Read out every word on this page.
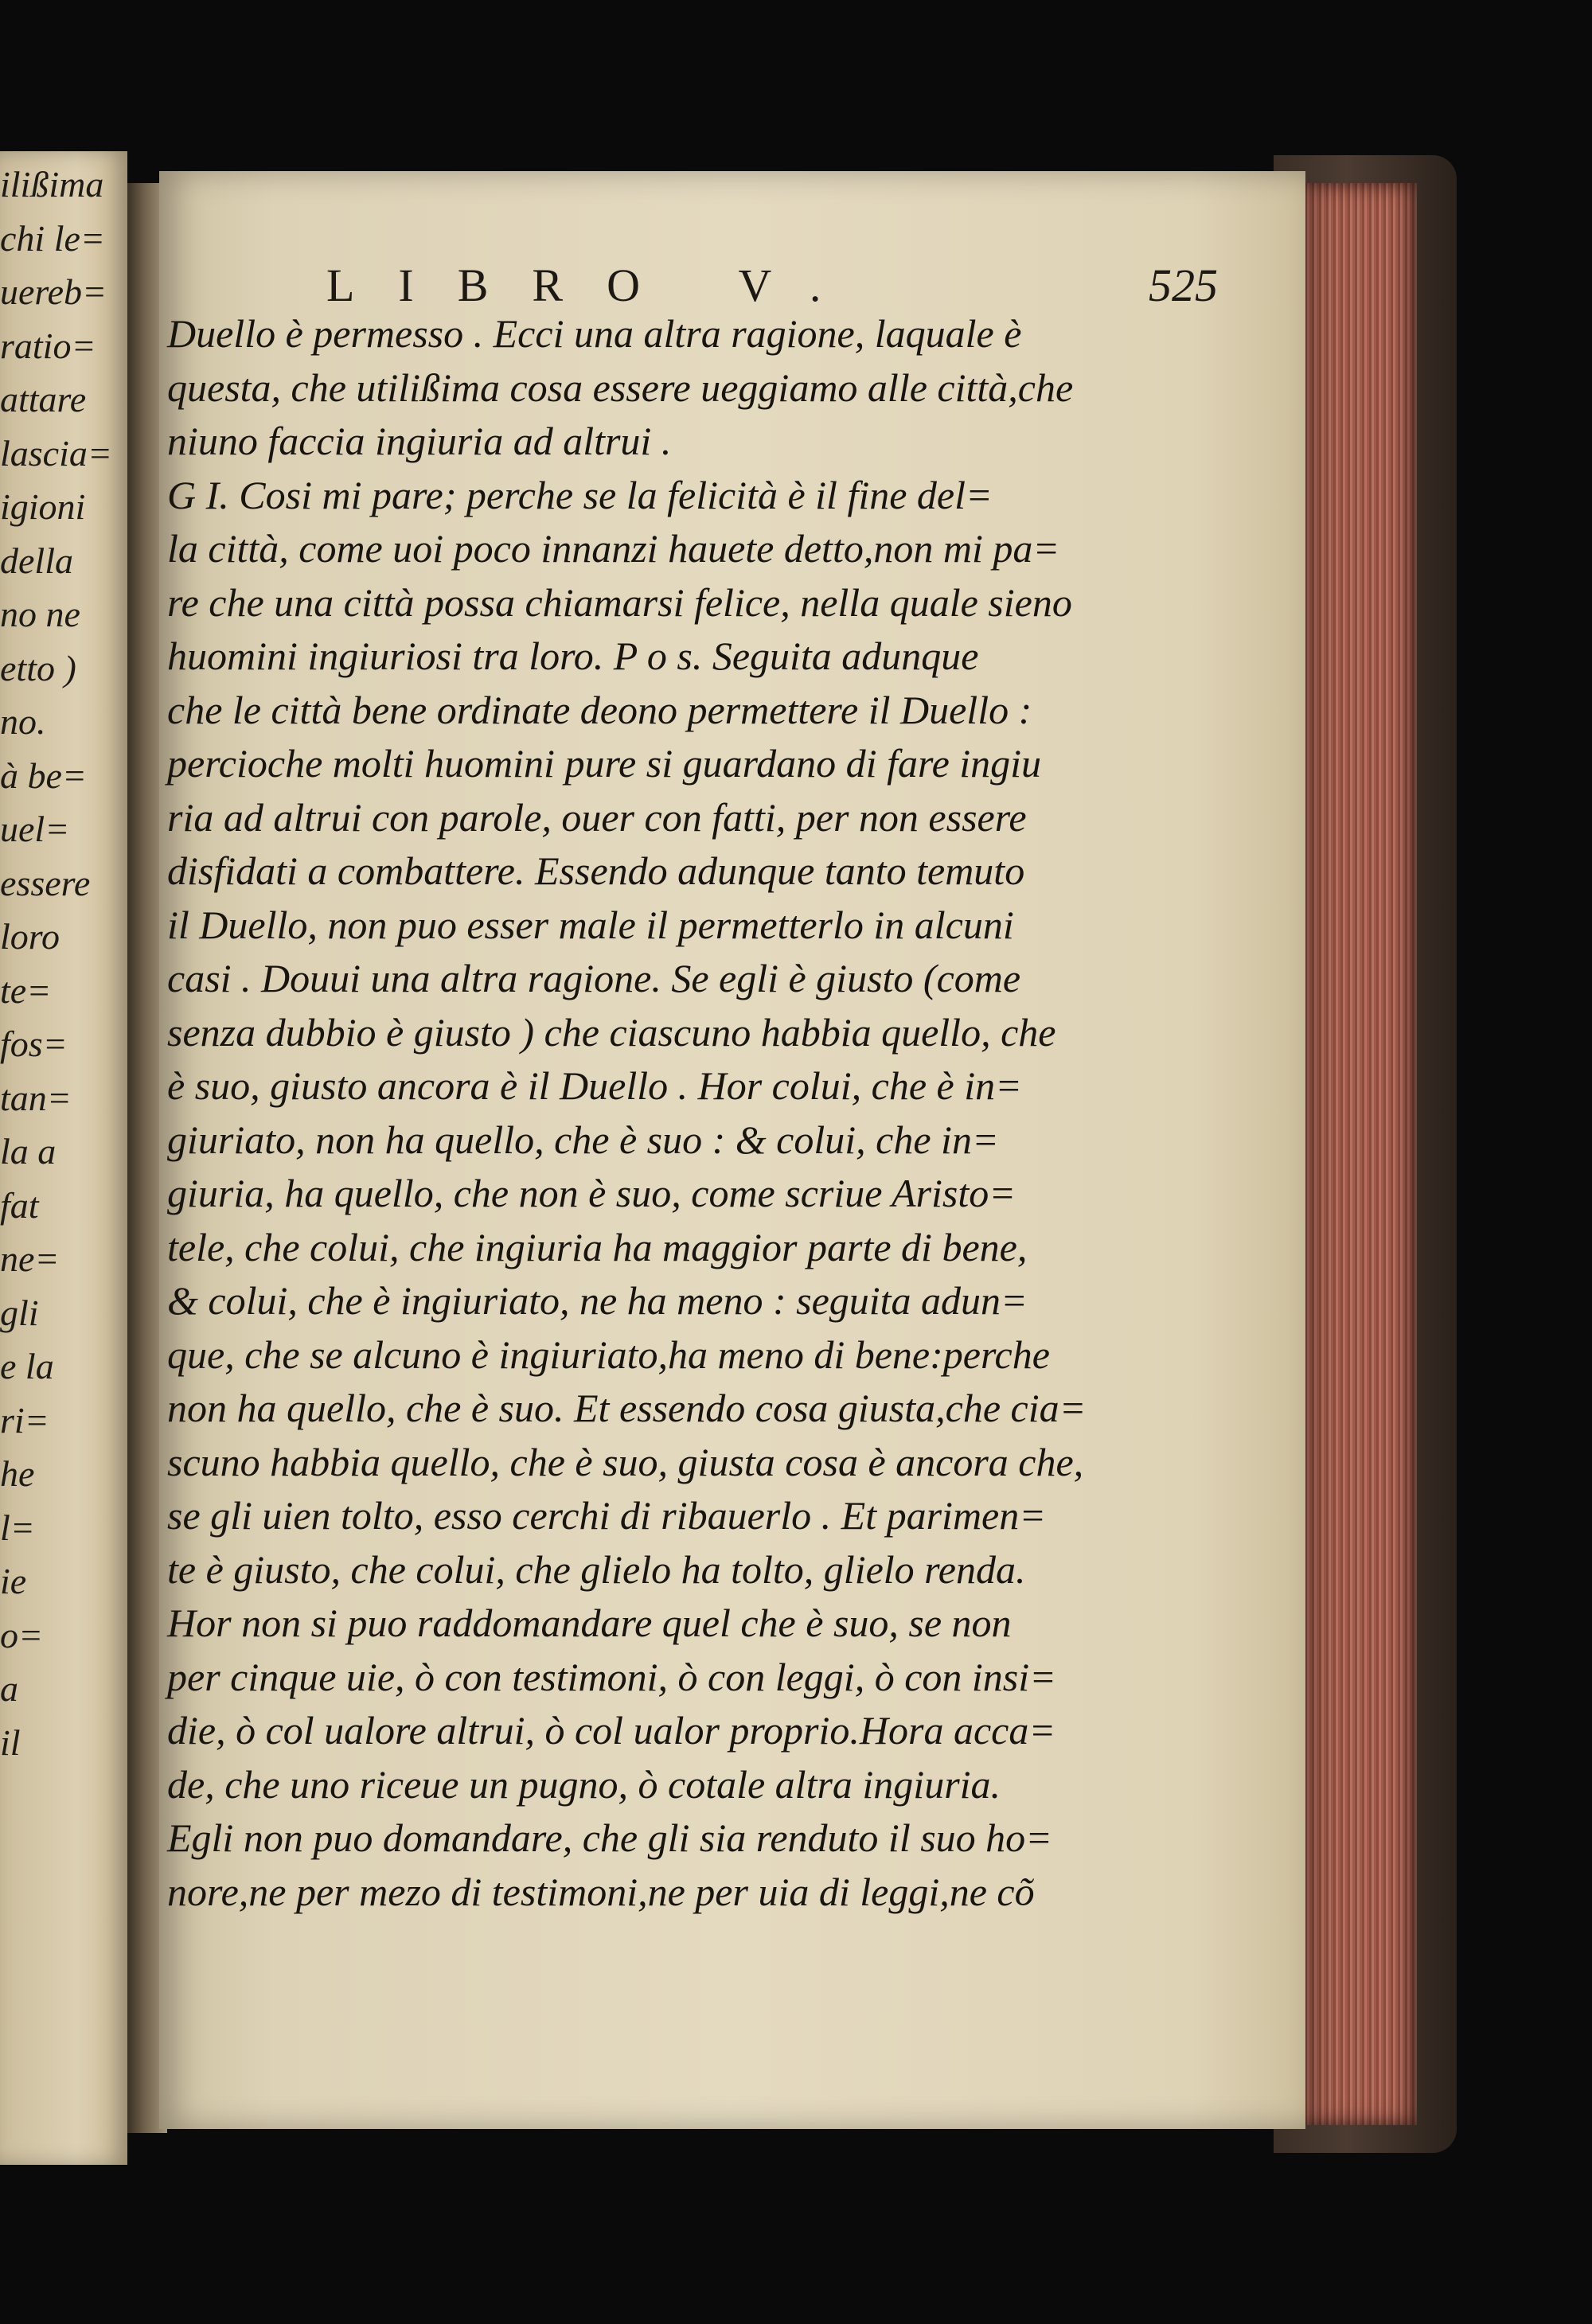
ilißima
chi le=
uereb=
ratio=
attare
lascia=
igioni
della
no ne
etto )
no.
à be=
uel=
essere
loro
te=
fos=
tan=
la a
fat
ne=
gli
e la
ri=
he
l=
ie
o=
a
il
LIBRO V.	525
Duello è permesso . Ecci una altra ragione, laquale è
questa, che utilißima cosa essere ueggiamo alle città,che
niuno faccia ingiuria ad altrui .
G I. Cosi mi pare; perche se la felicità è il fine del=
la città, come uoi poco innanzi hauete detto,non mi pa=
re che una città possa chiamarsi felice, nella quale sieno
huomini ingiuriosi tra loro. P o s. Seguita adunque
che le città bene ordinate deono permettere il Duello :
percioche molti huomini pure si guardano di fare ingiu
ria ad altrui con parole, ouer con fatti, per non essere
disfidati a combattere. Essendo adunque tanto temuto
il Duello, non puo esser male il permetterlo in alcuni
casi . Douui una altra ragione. Se egli è giusto (come
senza dubbio è giusto ) che ciascuno habbia quello, che
è suo, giusto ancora è il Duello . Hor colui, che è in=
giuriato, non ha quello, che è suo : & colui, che in=
giuria, ha quello, che non è suo, come scriue Aristo=
tele, che colui, che ingiuria ha maggior parte di bene,
& colui, che è ingiuriato, ne ha meno : seguita adun=
que, che se alcuno è ingiuriato,ha meno di bene:perche
non ha quello, che è suo. Et essendo cosa giusta,che cia=
scuno habbia quello, che è suo, giusta cosa è ancora che,
se gli uien tolto, esso cerchi di ribauerlo . Et parimen=
te è giusto, che colui, che glielo ha tolto, glielo renda.
Hor non si puo raddomandare quel che è suo, se non
per cinque uie, ò con testimoni, ò con leggi, ò con insi=
die, ò col ualore altrui, ò col ualor proprio.Hora acca=
de, che uno riceue un pugno, ò cotale altra ingiuria.
Egli non puo domandare, che gli sia renduto il suo ho=
nore,ne per mezo di testimoni,ne per uia di leggi,ne cõ
